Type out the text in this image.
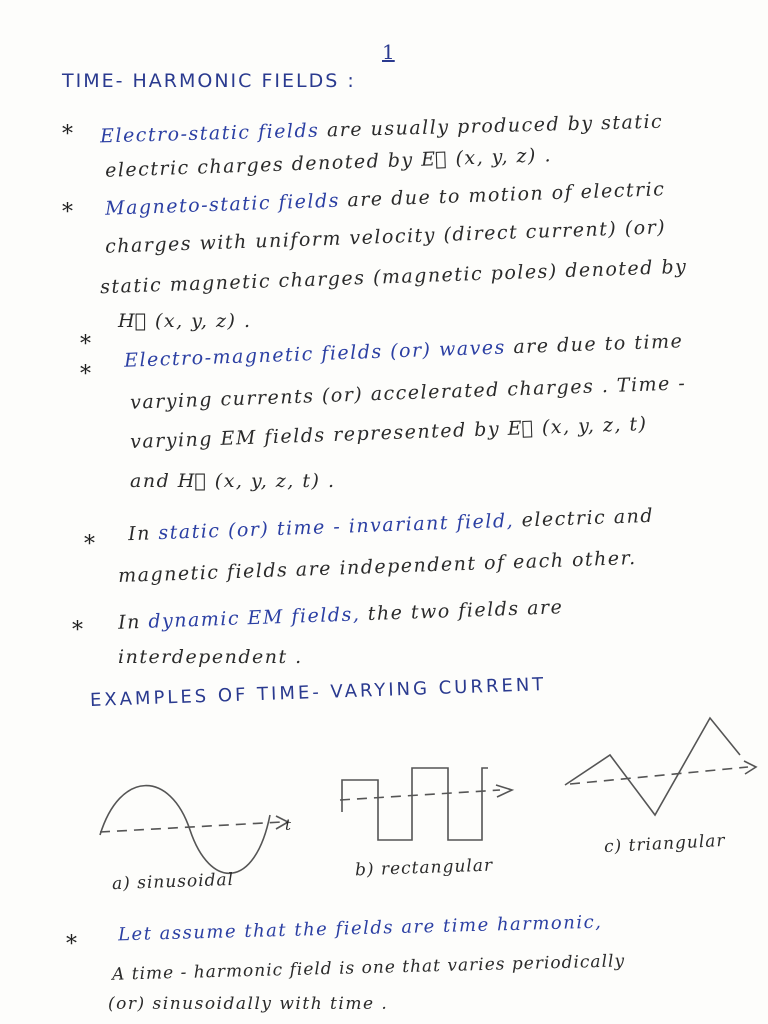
1
TIME- HARMONIC FIELDS :
* Electro-static fields are usually produced by static
electric charges denoted by E⃗ (x, y, z) .
* Magneto-static fields are due to motion of electric
charges with uniform velocity (direct current) (or)
static magnetic charges (magnetic poles) denoted by
H⃗ (x, y, z) .
*
*
Electro-magnetic fields (or) waves are due to time
varying currents (or) accelerated charges . Time -
varying EM fields represented by E⃗ (x, y, z, t)
and H⃗ (x, y, z, t) .
* In static (or) time - invariant field, electric and
magnetic fields are independent of each other.
* In dynamic EM fields, the two fields are
interdependent .
EXAMPLES OF TIME- VARYING CURRENT
t
a) sinusoidal
b) rectangular
c) triangular
* Let assume that the fields are time harmonic,
A time - harmonic field is one that varies periodically
(or) sinusoidally with time .
